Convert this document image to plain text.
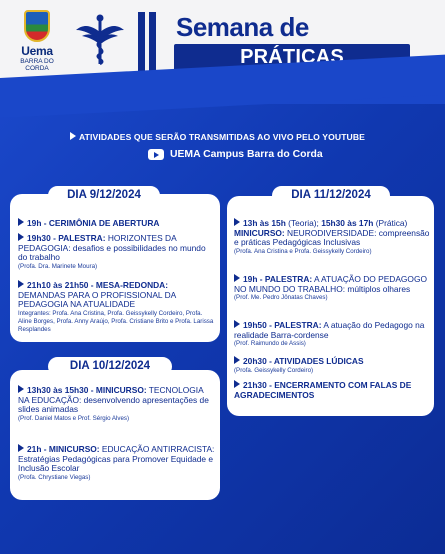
Uema
BARRA DO
CORDA
Semana de
PRÁTICAS
ATIVIDADES QUE SERÃO TRANSMITIDAS AO VIVO PELO YOUTUBE
UEMA Campus Barra do Corda
DIA 9/12/2024
19h - CERIMÔNIA DE ABERTURA
19h30 - PALESTRA: HORIZONTES DA PEDAGOGIA: desafios e possibilidades no mundo do trabalho
(Profa. Dra. Marinete Moura)
21h10 às 21h50 - MESA-REDONDA: DEMANDAS PARA O PROFISSIONAL DA PEDAGOGIA NA ATUALIDADE
Integrantes: Profa. Ana Cristina, Profa. Geissykelly Cordeiro, Profa. Aline Borges, Profa. Anny Araújo, Profa. Cristiane Brito e Profa. Larissa Resplandes
DIA 10/12/2024
13h30 às 15h30 - MINICURSO: TECNOLOGIA NA EDUCAÇÃO: desenvolvendo apresentações de slides animadas
(Prof. Daniel Matos e Prof. Sérgio Alves)
21h - MINICURSO: EDUCAÇÃO ANTIRRACISTA: Estratégias Pedagógicas para Promover Equidade e Inclusão Escolar
(Profa. Chrystiane Viegas)
DIA 11/12/2024
13h às 15h (Teoria); 15h30 às 17h (Prática)
MINICURSO: NEURODIVERSIDADE: compreensão e práticas Pedagógicas Inclusivas
(Profa. Ana Cristina e Profa. Geissykelly Cordeiro)
19h - PALESTRA: A ATUAÇÃO DO PEDAGOGO NO MUNDO DO TRABALHO: múltiplos olhares
(Prof. Me. Pedro Jônatas Chaves)
19h50 - PALESTRA: A atuação do Pedagogo na realidade Barra-cordense
(Prof. Raimundo de Assis)
20h30 - ATIVIDADES LÚDICAS
(Profa. Geissykelly Cordeiro)
21h30 - ENCERRAMENTO COM FALAS DE AGRADECIMENTOS
